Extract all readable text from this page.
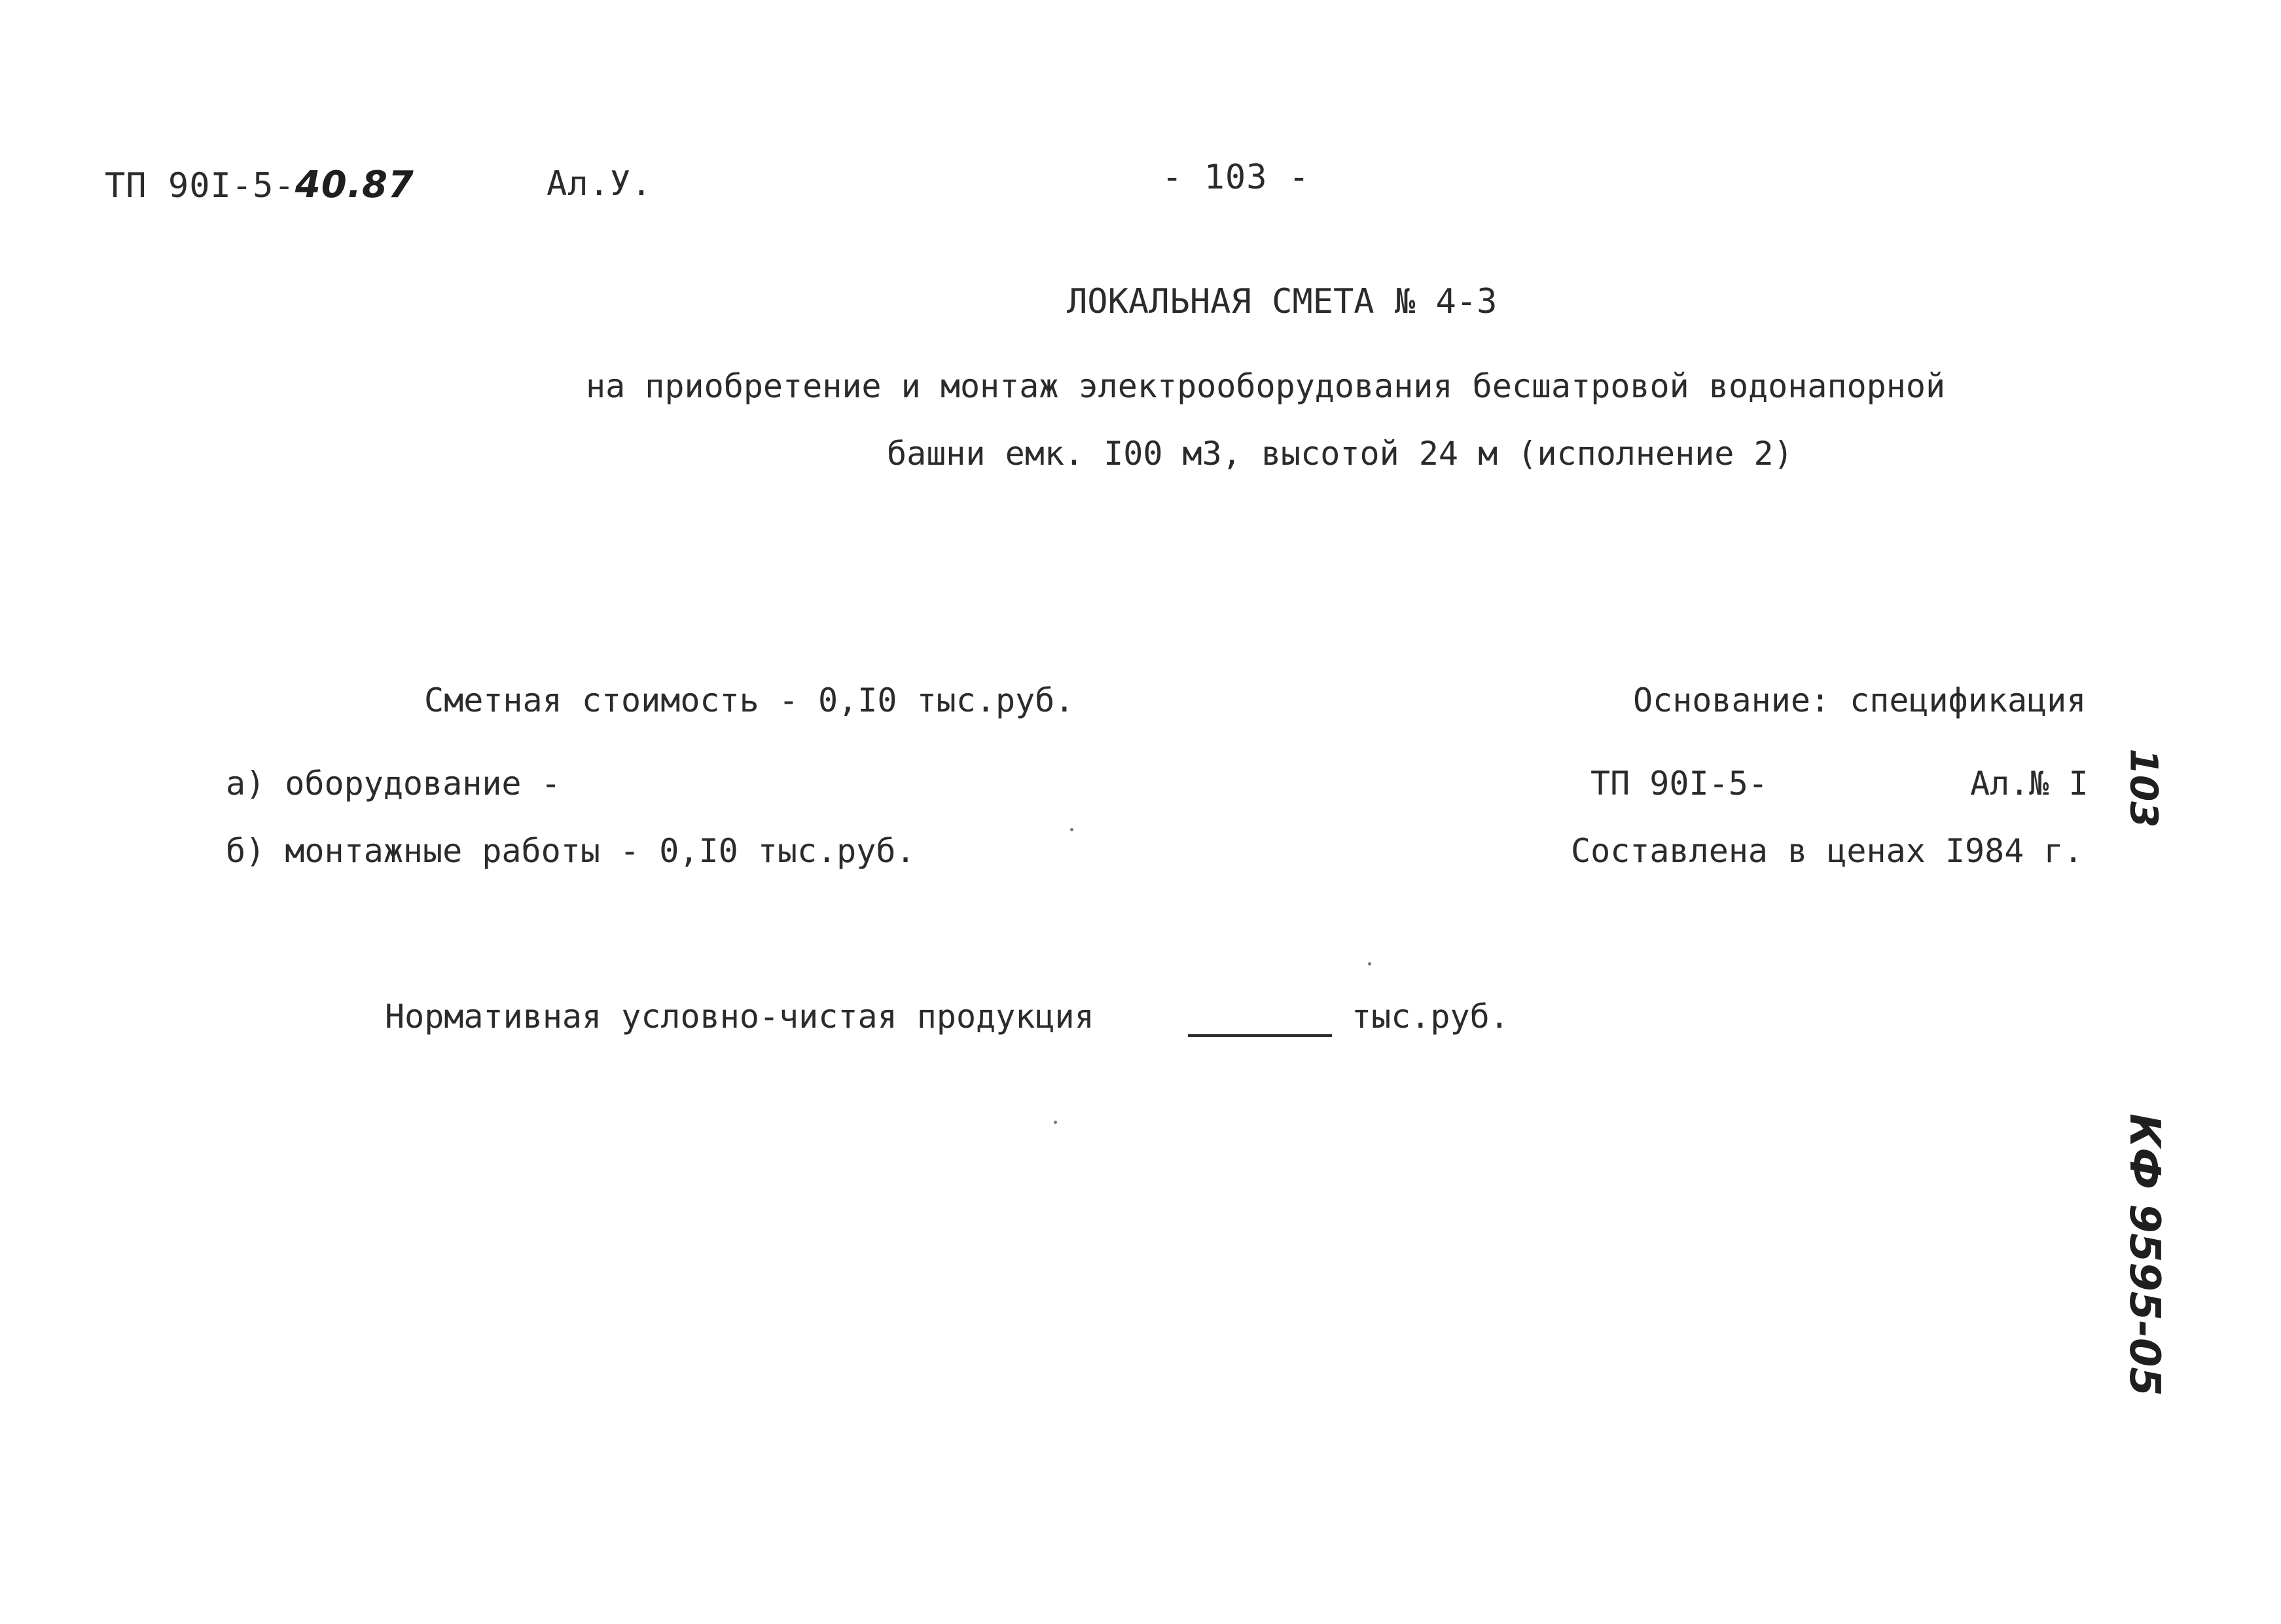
ТП 90I-5-40.87	Ал.У.	- 103 -
ЛОКАЛЬНАЯ СМЕТА № 4-3
на приобретение и монтаж электрооборудования бесшатровой водонапорной
башни емк. I00 м3, высотой 24 м (исполнение 2)
Сметная стоимость - 0,I0 тыс.руб.
а) оборудование -
б) монтажные работы - 0,I0 тыс.руб.
Основание: спецификация
ТП 90I-5-	Ал.№ I
Составлена в ценах I984 г.
Нормативная условно-чистая продукция	тыс.руб.
103
КФ 9595-05
